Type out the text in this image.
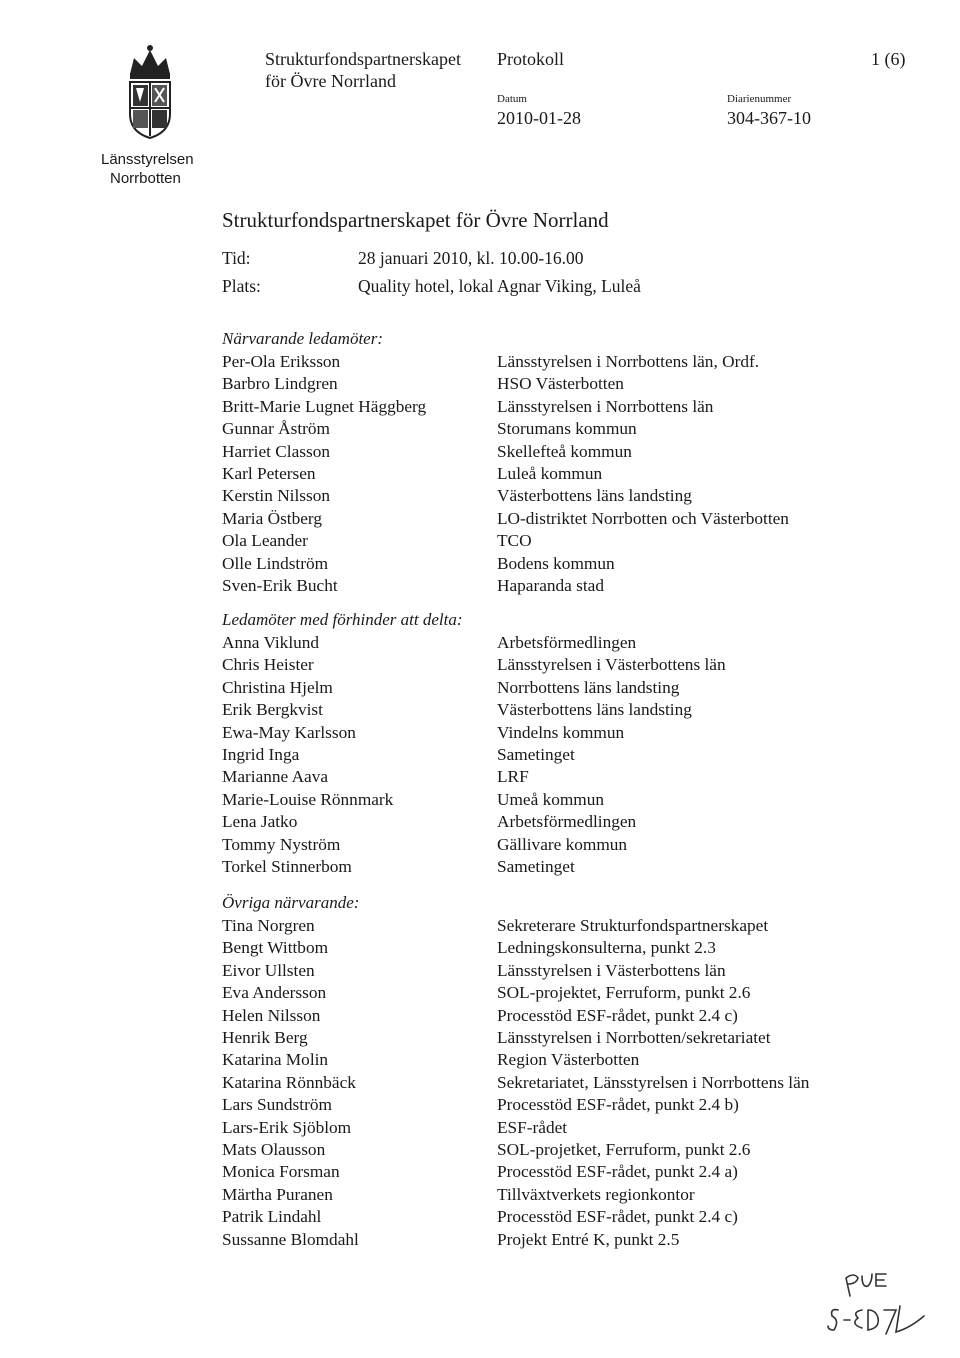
Länsstyrelsen
Norrbotten
Strukturfondspartnerskapet
för Övre Norrland
Protokoll	1 (6)
Datum
2010-01-28
Diarienummer
304-367-10
Strukturfondspartnerskapet för Övre Norrland
Tid:	28 januari 2010, kl. 10.00-16.00
Plats:	Quality hotel, lokal Agnar Viking, Luleå
Närvarande ledamöter:
Per-Ola Eriksson	Länsstyrelsen i Norrbottens län, Ordf.
Barbro Lindgren	HSO Västerbotten
Britt-Marie Lugnet Häggberg	Länsstyrelsen i Norrbottens län
Gunnar Åström	Storumans kommun
Harriet Classon	Skellefteå kommun
Karl Petersen	Luleå kommun
Kerstin Nilsson	Västerbottens läns landsting
Maria Östberg	LO-distriktet Norrbotten och Västerbotten
Ola Leander	TCO
Olle Lindström	Bodens kommun
Sven-Erik Bucht	Haparanda stad
Ledamöter med förhinder att delta:
Anna Viklund	Arbetsförmedlingen
Chris Heister	Länsstyrelsen i Västerbottens län
Christina Hjelm	Norrbottens läns landsting
Erik Bergkvist	Västerbottens läns landsting
Ewa-May Karlsson	Vindelns kommun
Ingrid Inga	Sametinget
Marianne Aava	LRF
Marie-Louise Rönnmark	Umeå kommun
Lena Jatko	Arbetsförmedlingen
Tommy Nyström	Gällivare kommun
Torkel Stinnerbom	Sametinget
Övriga närvarande:
Tina Norgren	Sekreterare Strukturfondspartnerskapet
Bengt Wittbom	Ledningskonsulterna, punkt 2.3
Eivor Ullsten	Länsstyrelsen i Västerbottens län
Eva Andersson	SOL-projektet, Ferruform, punkt 2.6
Helen Nilsson	Processtöd ESF-rådet, punkt 2.4 c)
Henrik Berg	Länsstyrelsen i Norrbotten/sekretariatet
Katarina Molin	Region Västerbotten
Katarina Rönnbäck	Sekretariatet, Länsstyrelsen i Norrbottens län
Lars Sundström	Processtöd ESF-rådet, punkt 2.4 b)
Lars-Erik Sjöblom	ESF-rådet
Mats Olausson	SOL-projetket, Ferruform, punkt 2.6
Monica Forsman	Processtöd ESF-rådet, punkt 2.4 a)
Märtha Puranen	Tillväxtverkets regionkontor
Patrik Lindahl	Processtöd ESF-rådet, punkt 2.4 c)
Sussanne Blomdahl	Projekt Entré K, punkt 2.5
